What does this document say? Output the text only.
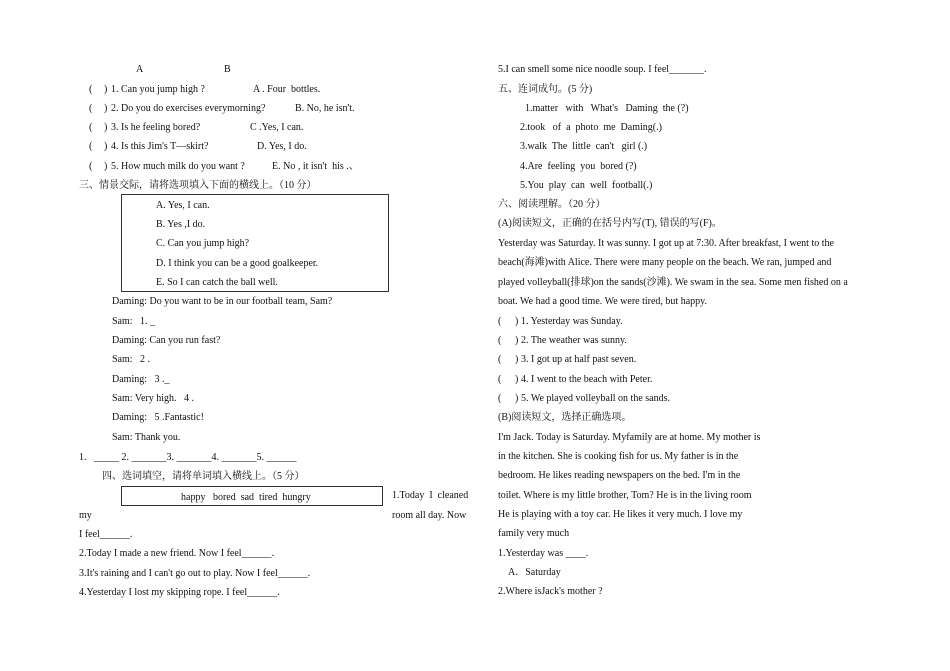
A	B
( ) 1. Can you jump high ?	A . Four  bottles.
( ) 2. Do you do exercises everymorning?	B. No, he isn't.
( ) 3. Is he feeling bored?	C .Yes, I can.
( ) 4. Is this Jim's T—skirt?	D. Yes, I do.
( ) 5. How much milk do you want ?	E. No , it isn't  his .、
三、情景交际，请将选项填入下面的横线上。（10 分）
A. Yes, I can.
B. Yes ,I do.
C. Can you jump high?
D. I think you can be a good goalkeeper.
E. So I can catch the ball well.
Daming: Do you want to be in our football team, Sam?
Sam:   1. _
Daming: Can you run fast?
Sam:   2 .
Daming:   3 ._
Sam: Very high.   4 .
Daming:   5 .Fantastic!
Sam: Thank you.
1.   _____ 2. _______3. _______4. _______5. ______
四、选词填空，请将单词填入横线上。（5 分）
happy   bored  sad  tired  hungry	1.Today  I  cleaned
room all day. Now
my
I feel______.
2.Today I made a new friend. Now I feel______.
3.It's raining and I can't go out to play. Now I feel______.
4.Yesterday I lost my skipping rope. I feel______.
5.I can smell some nice noodle soup. I feel_______.
五、连词成句。(5 分)
1.matter   with   What's   Daming  the (?)
2.took   of  a  photo  me  Daming(.)
3.walk  The  little  can't   girl (.)
4.Are  feeling  you  bored (?)
5.You  play  can  well  football(.)
六、阅读理解。（20 分）
(A)阅读短文，正确的在括号内写(T), 错误的写(F)。
Yesterday was Saturday. It was sunny. I got up at 7:30. After breakfast, I went to the
beach(海滩)with Alice. There were many people on the beach. We ran, jumped and
played volleyball(排球)on the sands(沙滩). We swam in the sea. Some men fished on a
boat. We had a good time. We were tired, but happy.
( ) 1. Yesterday was Sunday.
( ) 2. The weather was sunny.
( ) 3. I got up at half past seven.
( ) 4. I went to the beach with Peter.
( ) 5. We played volleyball on the sands.
(B)阅读短文，选择正确选项。
I'm Jack. Today is Saturday. Myfamily are at home. My mother is
in the kitchen. She is cooking fish for us. My father is in the
bedroom. He likes reading newspapers on the bed. I'm in the
toilet. Where is my little brother, Tom? He is in the living room
He is playing with a toy car. He likes it very much. I love my
family very much
1.Yesterday was ____.
A．Saturday
2.Where isJack's mother ?
